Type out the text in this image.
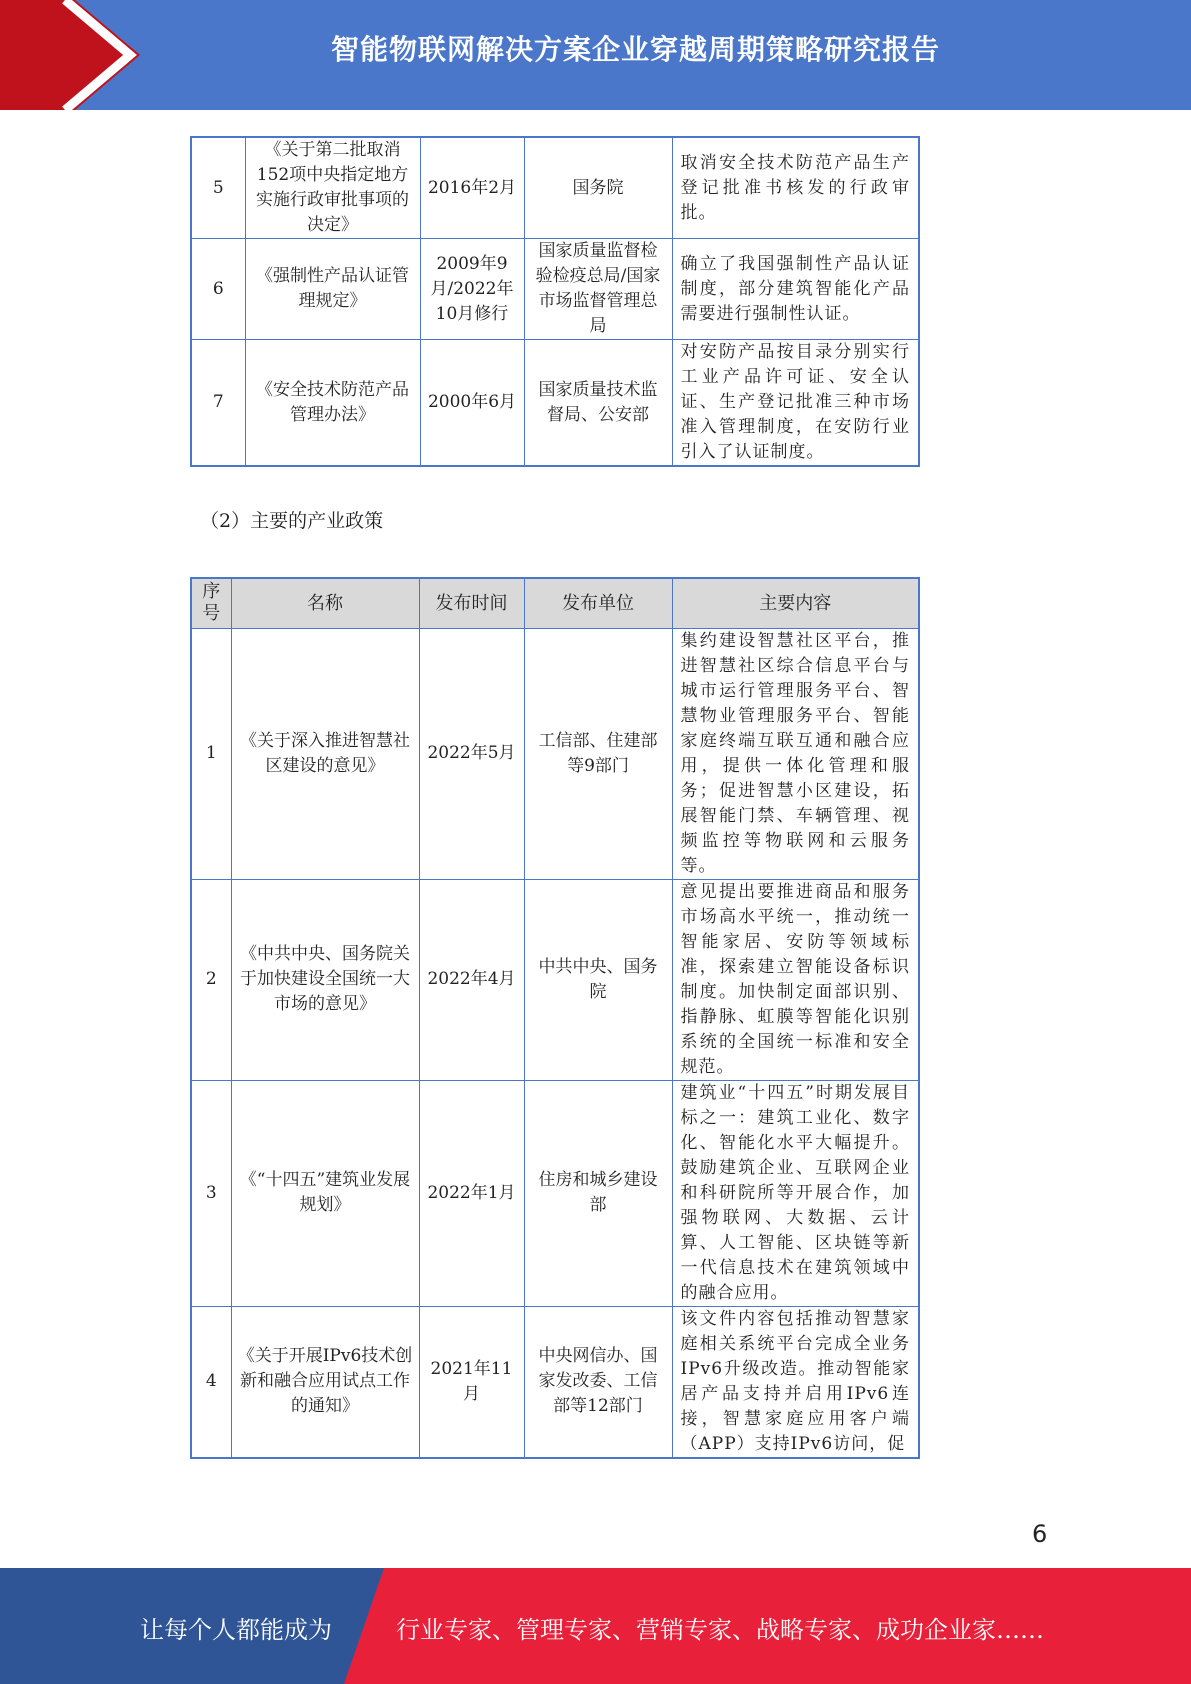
智能物联网解决方案企业穿越周期策略研究报告
5	《关于第二批取消152项中央指定地方实施行政审批事项的决定》	2016年2月	国务院	取消安全技术防范产品生产登记批准书核发的行政审批。
6	《强制性产品认证管理规定》	2009年9月/2022年10月修行	国家质量监督检验检疫总局/国家市场监督管理总局	确立了我国强制性产品认证制度，部分建筑智能化产品需要进行强制性认证。
7	《安全技术防范产品管理办法》	2000年6月	国家质量技术监督局、公安部	对安防产品按目录分别实行工业产品许可证、安全认证、生产登记批准三种市场准入管理制度，在安防行业引入了认证制度。
（2）主要的产业政策
序号	名称	发布时间	发布单位	主要内容
1	《关于深入推进智慧社区建设的意见》	2022年5月	工信部、住建部等9部门	集约建设智慧社区平台，推进智慧社区综合信息平台与城市运行管理服务平台、智慧物业管理服务平台、智能家庭终端互联互通和融合应用，提供一体化管理和服务；促进智慧小区建设，拓展智能门禁、车辆管理、视频监控等物联网和云服务等。
2	《中共中央、国务院关于加快建设全国统一大市场的意见》	2022年4月	中共中央、国务院	意见提出要推进商品和服务市场高水平统一，推动统一智能家居、安防等领域标准，探索建立智能设备标识制度。加快制定面部识别、指静脉、虹膜等智能化识别系统的全国统一标准和安全规范。
3	《“十四五”建筑业发展规划》	2022年1月	住房和城乡建设部	建筑业“十四五”时期发展目标之一：建筑工业化、数字化、智能化水平大幅提升。鼓励建筑企业、互联网企业和科研院所等开展合作，加强物联网、大数据、云计算、人工智能、区块链等新一代信息技术在建筑领域中的融合应用。
4	《关于开展IPv6技术创新和融合应用试点工作的通知》	2021年11月	中央网信办、国家发改委、工信部等12部门	该文件内容包括推动智慧家庭相关系统平台完成全业务IPv6升级改造。推动智能家居产品支持并启用IPv6连接，智慧家庭应用客户端（APP）支持IPv6访问，促
6
让每个人都能成为	行业专家、管理专家、营销专家、战略专家、成功企业家……
